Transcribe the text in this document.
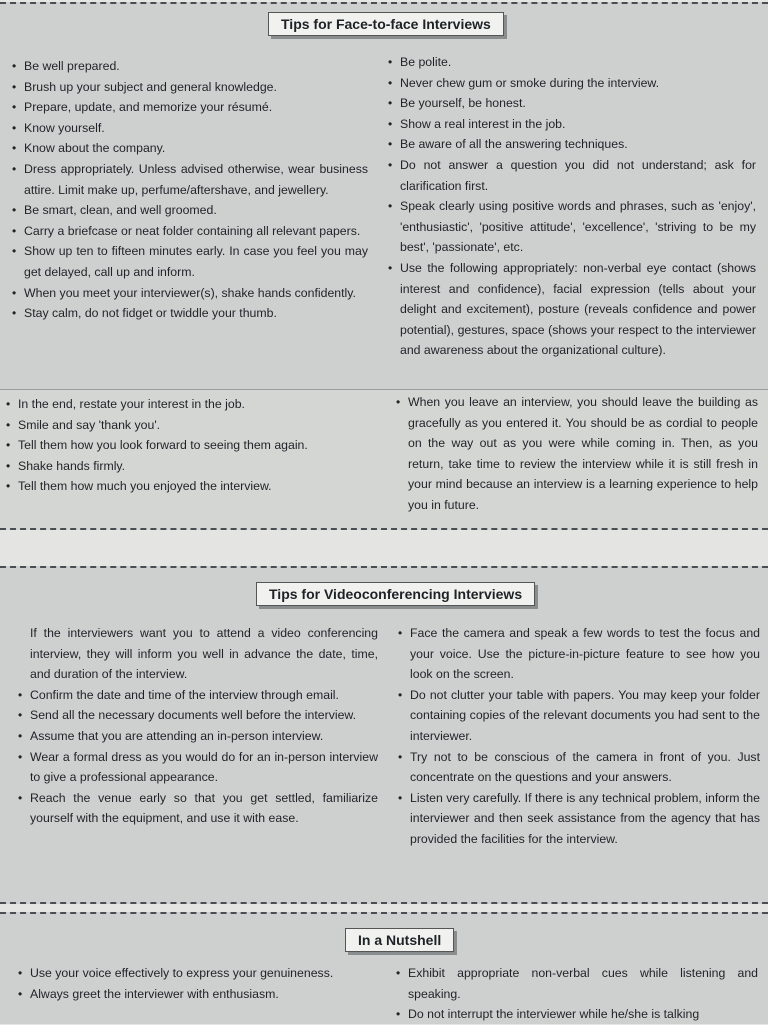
Tips for Face-to-face Interviews
• Be well prepared.
• Brush up your subject and general knowledge.
• Prepare, update, and memorize your résumé.
• Know yourself.
• Know about the company.
• Dress appropriately. Unless advised otherwise, wear business attire. Limit make up, perfume/aftershave, and jewellery.
• Be smart, clean, and well groomed.
• Carry a briefcase or neat folder containing all relevant papers.
• Show up ten to fifteen minutes early. In case you feel you may get delayed, call up and inform.
• When you meet your interviewer(s), shake hands confidently.
• Stay calm, do not fidget or twiddle your thumb.
• Be polite.
• Never chew gum or smoke during the interview.
• Be yourself, be honest.
• Show a real interest in the job.
• Be aware of all the answering techniques.
• Do not answer a question you did not understand; ask for clarification first.
• Speak clearly using positive words and phrases, such as 'enjoy', 'enthusiastic', 'positive attitude', 'excellence', 'striving to be my best', 'passionate', etc.
• Use the following appropriately: non-verbal eye contact (shows interest and confidence), facial expression (tells about your delight and excitement), posture (reveals confidence and power potential), gestures, space (shows your respect to the interviewer and awareness about the organizational culture).
• In the end, restate your interest in the job.
• Smile and say 'thank you'.
• Tell them how you look forward to seeing them again.
• Shake hands firmly.
• Tell them how much you enjoyed the interview.
• When you leave an interview, you should leave the building as gracefully as you entered it. You should be as cordial to people on the way out as you were while coming in. Then, as you return, take time to review the interview while it is still fresh in your mind because an interview is a learning experience to help you in future.
Tips for Videoconferencing Interviews

If the interviewers want you to attend a video conferencing interview, they will inform you well in advance the date, time, and duration of the interview.

• Confirm the date and time of the interview through email.
• Send all the necessary documents well before the interview.
• Assume that you are attending an in-person interview.
• Wear a formal dress as you would do for an in-person interview to give a professional appearance.
• Reach the venue early so that you get settled, familiarize yourself with the equipment, and use it with ease.
• Face the camera and speak a few words to test the focus and your voice. Use the picture-in-picture feature to see how you look on the screen.
• Do not clutter your table with papers. You may keep your folder containing copies of the relevant documents you had sent to the interviewer.
• Try not to be conscious of the camera in front of you. Just concentrate on the questions and your answers.
• Listen very carefully. If there is any technical problem, inform the interviewer and then seek assistance from the agency that has provided the facilities for the interview.
In a Nutshell
• Use your voice effectively to express your genuineness.
• Always greet the interviewer with enthusiasm.
• Exhibit appropriate non-verbal cues while listening and speaking.
• Do not interrupt the interviewer while he/she is talking
